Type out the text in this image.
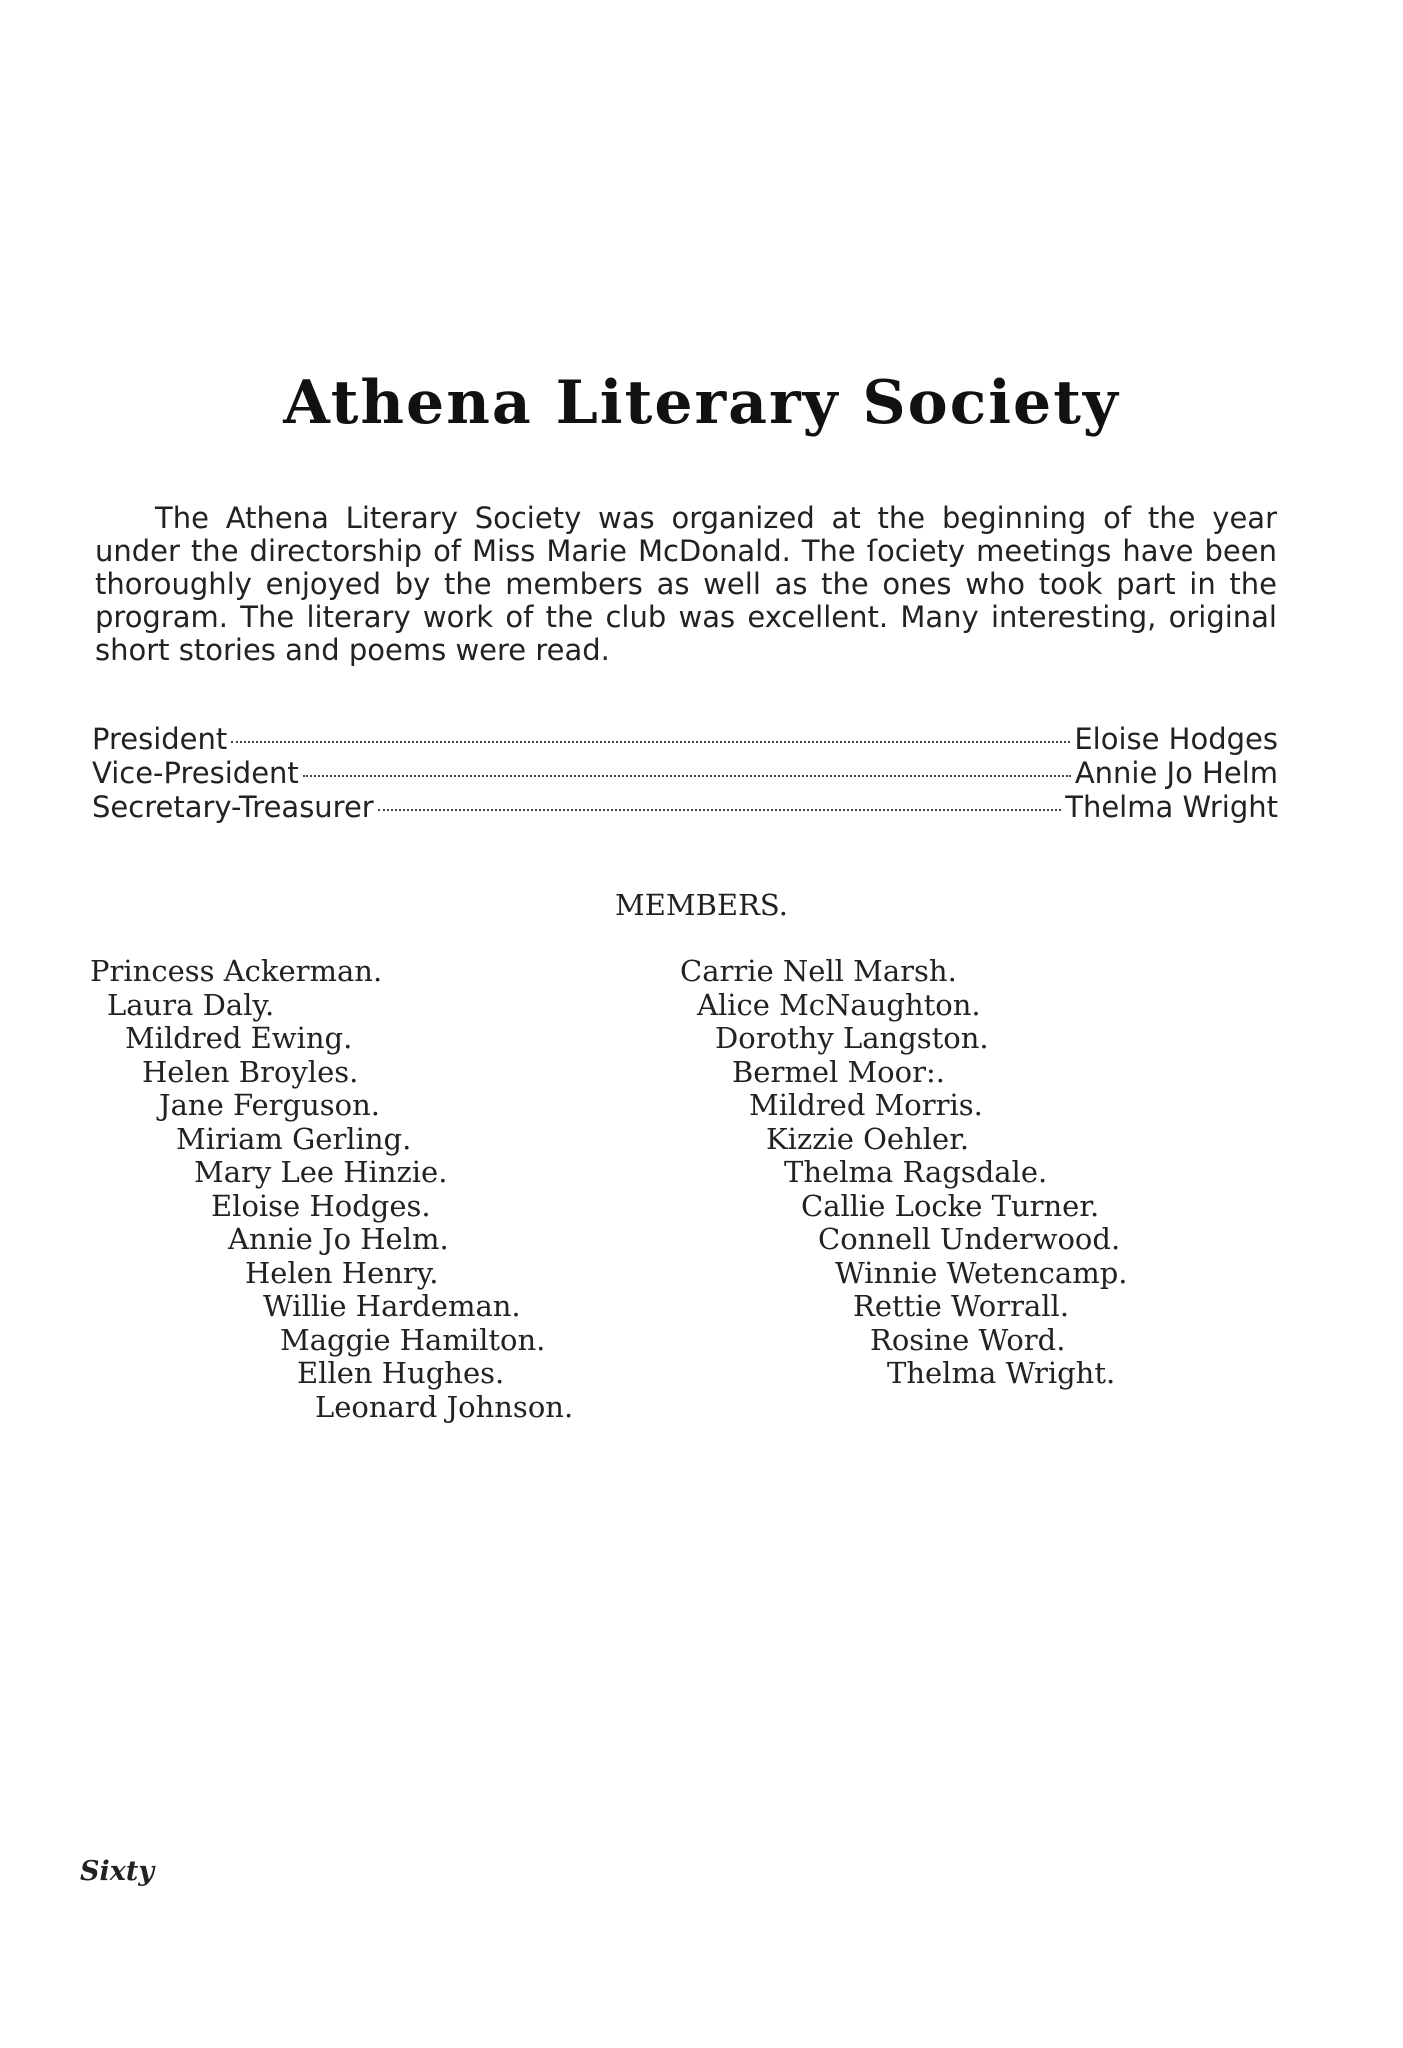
Athena Literary Society
The Athena Literary Society was organized at the beginning of the year under the directorship of Miss Marie McDonald. The ſociety meetings have been thoroughly enjoyed by the members as well as the ones who took part in the program. The literary work of the club was excellent. Many interesting, original short stories and poems were read.
President	Eloise Hodges
Vice-President	Annie Jo Helm
Secretary-Treasurer	Thelma Wright
MEMBERS.
Princess Ackerman.
Laura Daly.
Mildred Ewing.
Helen Broyles.
Jane Ferguson.
Miriam Gerling.
Mary Lee Hinzie.
Eloise Hodges.
Annie Jo Helm.
Helen Henry.
Willie Hardeman.
Maggie Hamilton.
Ellen Hughes.
Leonard Johnson.
Carrie Nell Marsh.
Alice McNaughton.
Dorothy Langston.
Bermel Moor:.
Mildred Morris.
Kizzie Oehler.
Thelma Ragsdale.
Callie Locke Turner.
Connell Underwood.
Winnie Wetencamp.
Rettie Worrall.
Rosine Word.
Thelma Wright.
Sixty
